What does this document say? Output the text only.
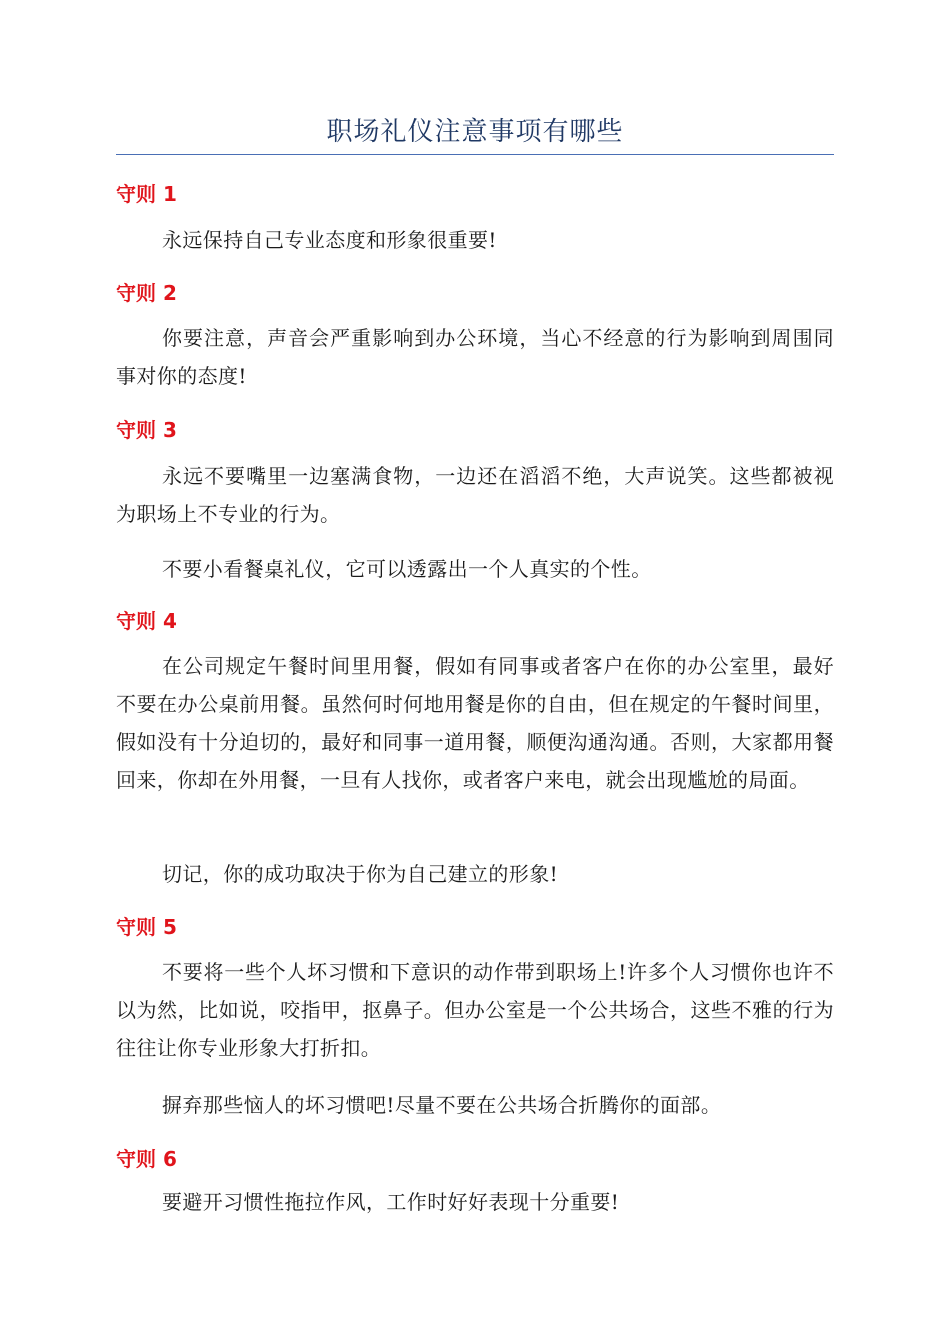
职场礼仪注意事项有哪些
守则 1
永远保持自己专业态度和形象很重要!
守则 2
你要注意，声音会严重影响到办公环境，当心不经意的行为影响到周围同事对你的态度!
守则 3
永远不要嘴里一边塞满食物，一边还在滔滔不绝，大声说笑。这些都被视为职场上不专业的行为。
不要小看餐桌礼仪，它可以透露出一个人真实的个性。
守则 4
在公司规定午餐时间里用餐，假如有同事或者客户在你的办公室里，最好不要在办公桌前用餐。虽然何时何地用餐是你的自由，但在规定的午餐时间里，假如没有十分迫切的，最好和同事一道用餐，顺便沟通沟通。否则，大家都用餐回来，你却在外用餐，一旦有人找你，或者客户来电，就会出现尴尬的局面。
切记，你的成功取决于你为自己建立的形象!
守则 5
不要将一些个人坏习惯和下意识的动作带到职场上!许多个人习惯你也许不以为然，比如说，咬指甲，抠鼻子。但办公室是一个公共场合，这些不雅的行为往往让你专业形象大打折扣。
摒弃那些恼人的坏习惯吧!尽量不要在公共场合折腾你的面部。
守则 6
要避开习惯性拖拉作风，工作时好好表现十分重要!
